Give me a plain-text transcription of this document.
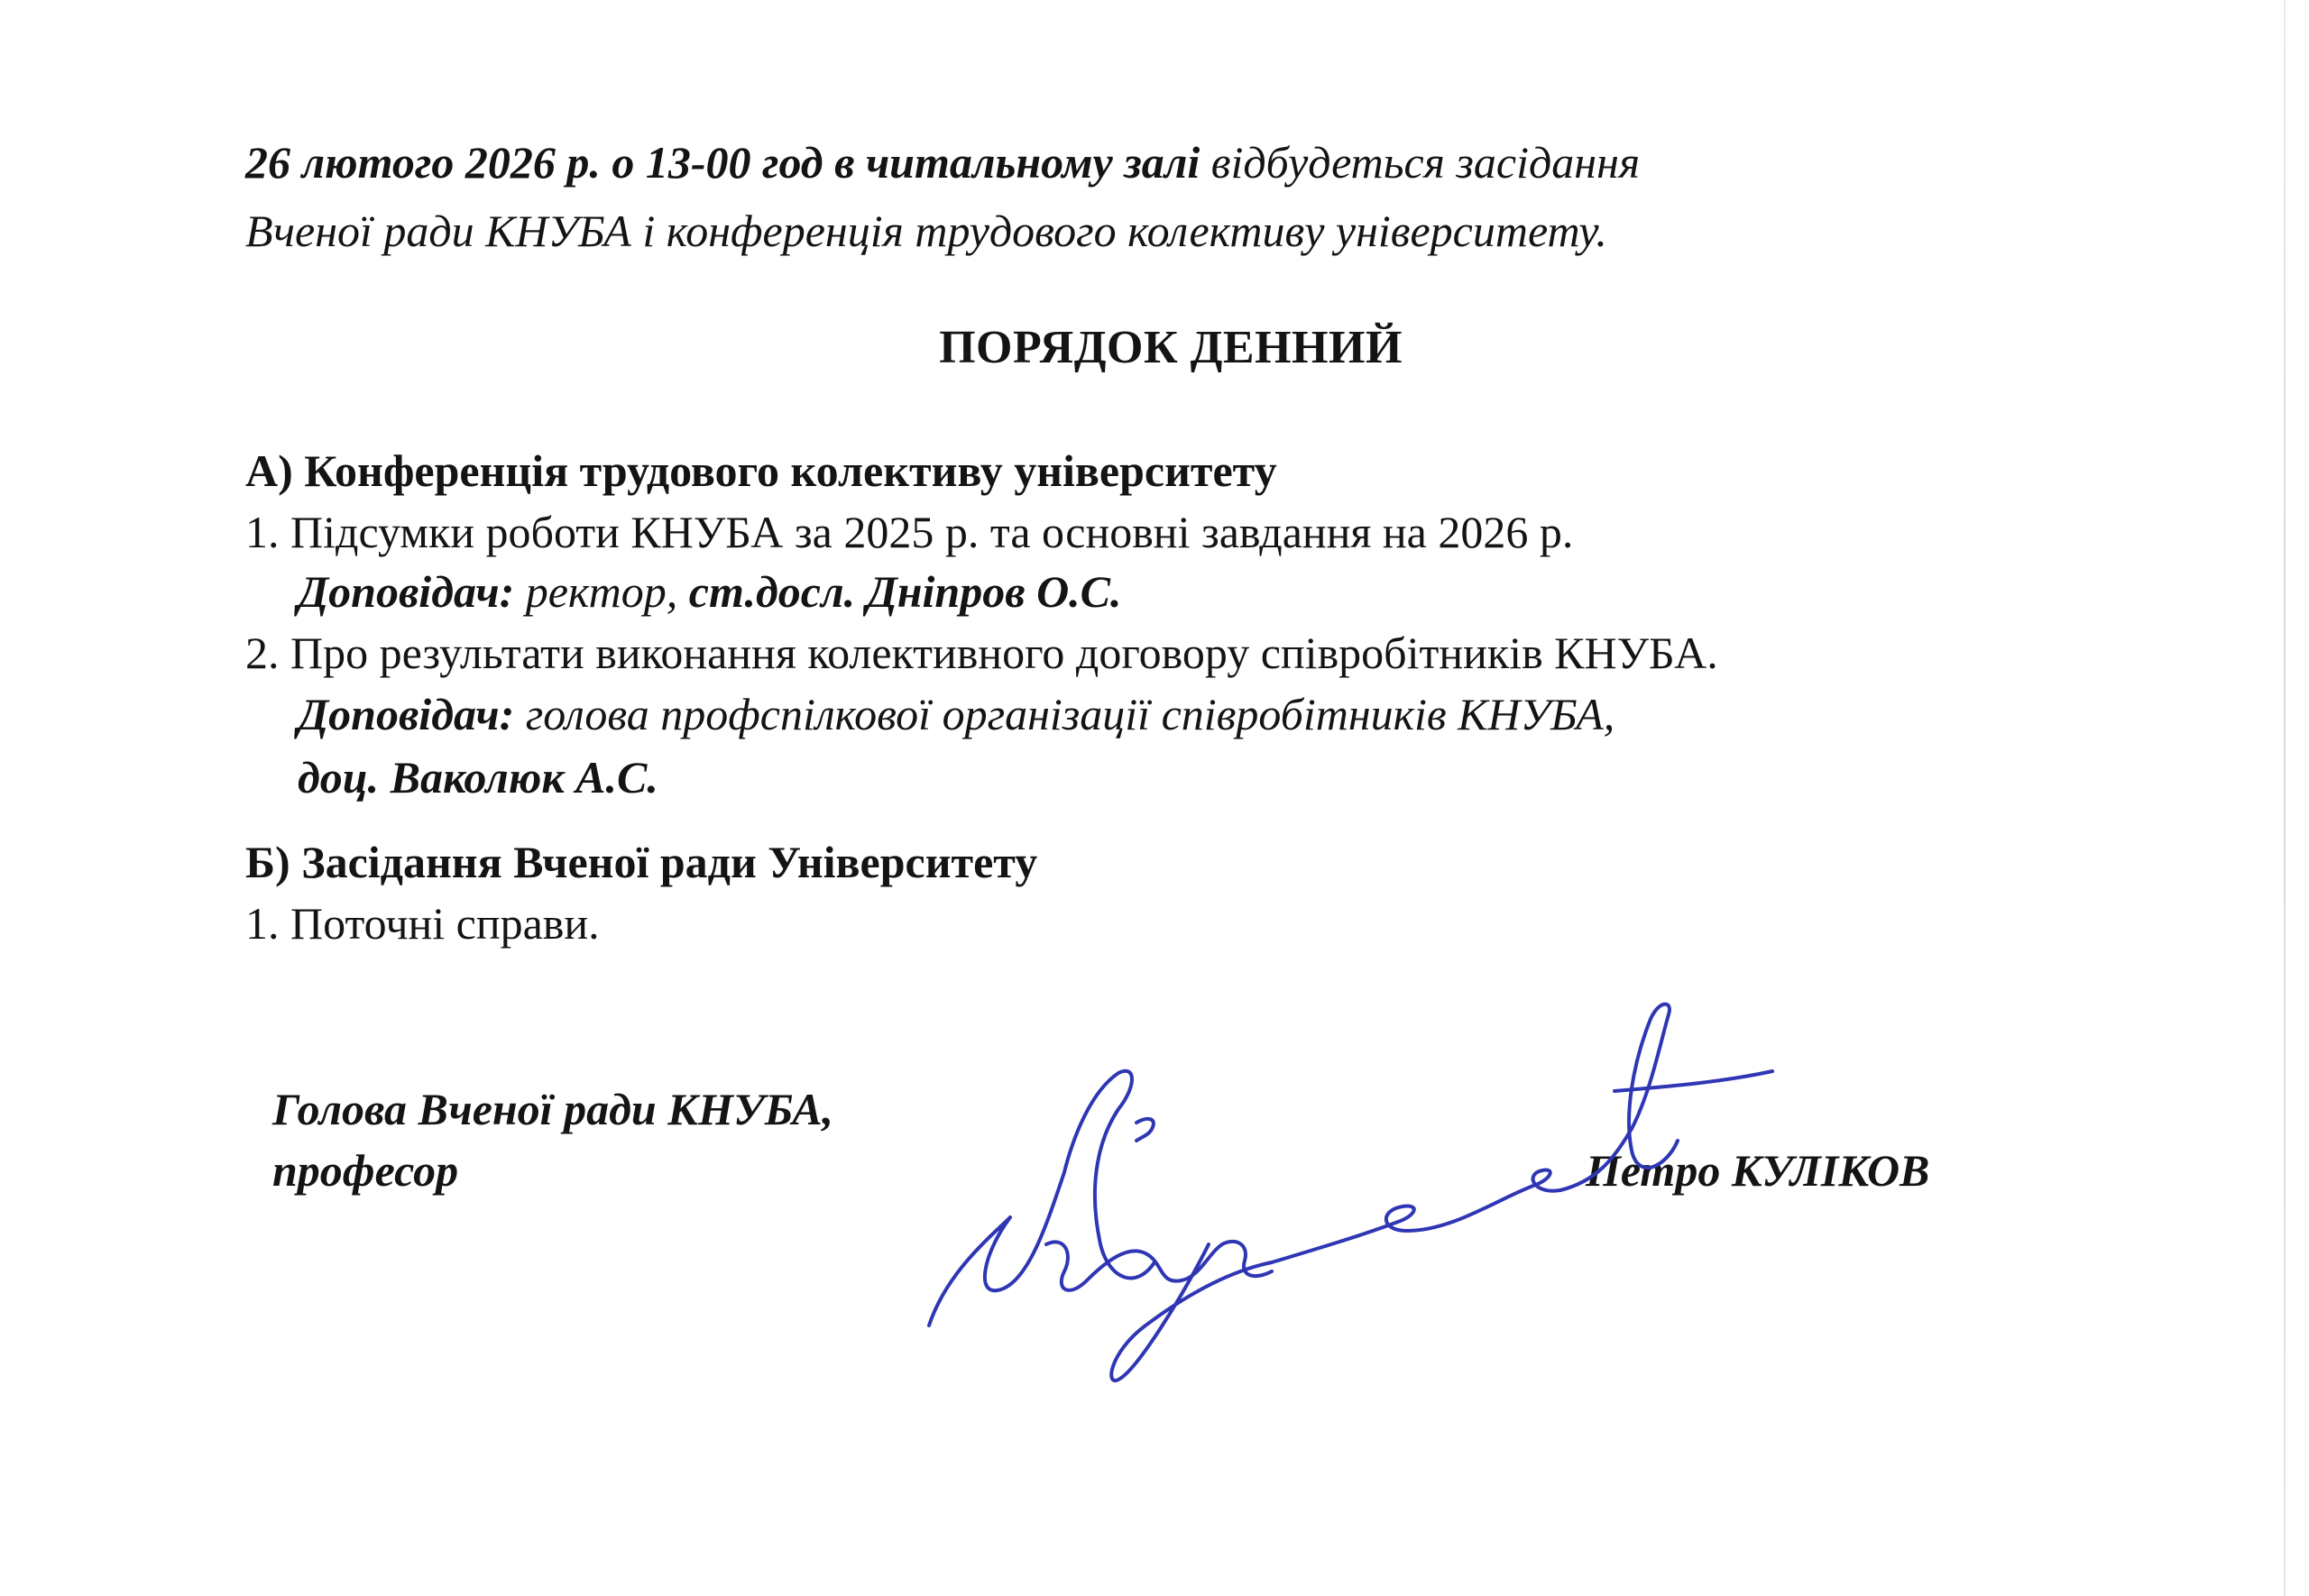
26 лютого 2026 р. о 13-00 год в читальному залі відбудеться засідання
Вченої ради КНУБА і конференція трудового колективу університету.
ПОРЯДОК ДЕННИЙ
А) Конференція трудового колективу університету
1. Підсумки роботи КНУБА за 2025 р. та основні завдання на 2026 р.
Доповідач: ректор, ст.досл. Дніпров О.С.
2. Про результати виконання колективного договору співробітників КНУБА.
Доповідач: голова профспілкової організації співробітників КНУБА,
доц. Ваколюк А.С.
Б) Засідання Вченої ради Університету
1. Поточні справи.
Голова Вченої ради КНУБА,
професор	Петро КУЛІКОВ
